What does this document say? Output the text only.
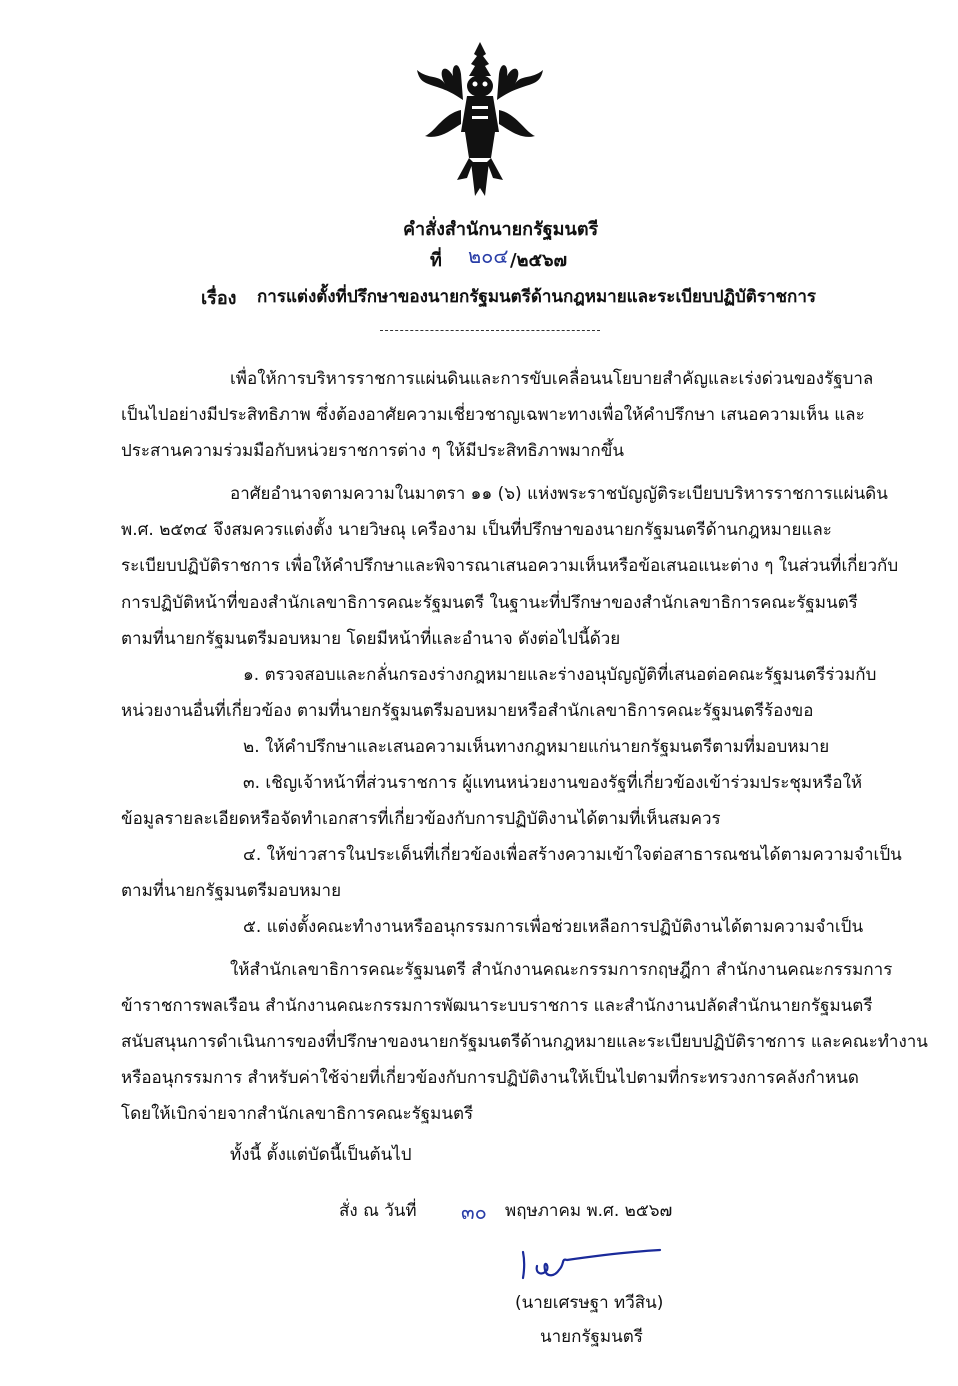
คำสั่งสำนักนายกรัฐมนตรี
ที่ ๒๐๔ /๒๕๖๗
เรื่อง การแต่งตั้งที่ปรึกษาของนายกรัฐมนตรีด้านกฎหมายและระเบียบปฏิบัติราชการ
เพื่อให้การบริหารราชการแผ่นดินและการขับเคลื่อนนโยบายสำคัญและเร่งด่วนของรัฐบาล
เป็นไปอย่างมีประสิทธิภาพ ซึ่งต้องอาศัยความเชี่ยวชาญเฉพาะทางเพื่อให้คำปรึกษา เสนอความเห็น และ
ประสานความร่วมมือกับหน่วยราชการต่าง ๆ ให้มีประสิทธิภาพมากขึ้น
อาศัยอำนาจตามความในมาตรา ๑๑ (๖) แห่งพระราชบัญญัติระเบียบบริหารราชการแผ่นดิน
พ.ศ. ๒๕๓๔ จึงสมควรแต่งตั้ง นายวิษณุ เครืองาม เป็นที่ปรึกษาของนายกรัฐมนตรีด้านกฎหมายและ
ระเบียบปฏิบัติราชการ เพื่อให้คำปรึกษาและพิจารณาเสนอความเห็นหรือข้อเสนอแนะต่าง ๆ ในส่วนที่เกี่ยวกับ
การปฏิบัติหน้าที่ของสำนักเลขาธิการคณะรัฐมนตรี ในฐานะที่ปรึกษาของสำนักเลขาธิการคณะรัฐมนตรี
ตามที่นายกรัฐมนตรีมอบหมาย โดยมีหน้าที่และอำนาจ ดังต่อไปนี้ด้วย
๑. ตรวจสอบและกลั่นกรองร่างกฎหมายและร่างอนุบัญญัติที่เสนอต่อคณะรัฐมนตรีร่วมกับ
หน่วยงานอื่นที่เกี่ยวข้อง ตามที่นายกรัฐมนตรีมอบหมายหรือสำนักเลขาธิการคณะรัฐมนตรีร้องขอ
๒. ให้คำปรึกษาและเสนอความเห็นทางกฎหมายแก่นายกรัฐมนตรีตามที่มอบหมาย
๓. เชิญเจ้าหน้าที่ส่วนราชการ ผู้แทนหน่วยงานของรัฐที่เกี่ยวข้องเข้าร่วมประชุมหรือให้
ข้อมูลรายละเอียดหรือจัดทำเอกสารที่เกี่ยวข้องกับการปฏิบัติงานได้ตามที่เห็นสมควร
๔. ให้ข่าวสารในประเด็นที่เกี่ยวข้องเพื่อสร้างความเข้าใจต่อสาธารณชนได้ตามความจำเป็น
ตามที่นายกรัฐมนตรีมอบหมาย
๕. แต่งตั้งคณะทำงานหรืออนุกรรมการเพื่อช่วยเหลือการปฏิบัติงานได้ตามความจำเป็น
ให้สำนักเลขาธิการคณะรัฐมนตรี สำนักงานคณะกรรมการกฤษฎีกา สำนักงานคณะกรรมการ
ข้าราชการพลเรือน สำนักงานคณะกรรมการพัฒนาระบบราชการ และสำนักงานปลัดสำนักนายกรัฐมนตรี
สนับสนุนการดำเนินการของที่ปรึกษาของนายกรัฐมนตรีด้านกฎหมายและระเบียบปฏิบัติราชการ และคณะทำงาน
หรืออนุกรรมการ สำหรับค่าใช้จ่ายที่เกี่ยวข้องกับการปฏิบัติงานให้เป็นไปตามที่กระทรวงการคลังกำหนด
โดยให้เบิกจ่ายจากสำนักเลขาธิการคณะรัฐมนตรี
ทั้งนี้ ตั้งแต่บัดนี้เป็นต้นไป
สั่ง ณ วันที่ ๓๐ พฤษภาคม พ.ศ. ๒๕๖๗
(นายเศรษฐา ทวีสิน)
นายกรัฐมนตรี
